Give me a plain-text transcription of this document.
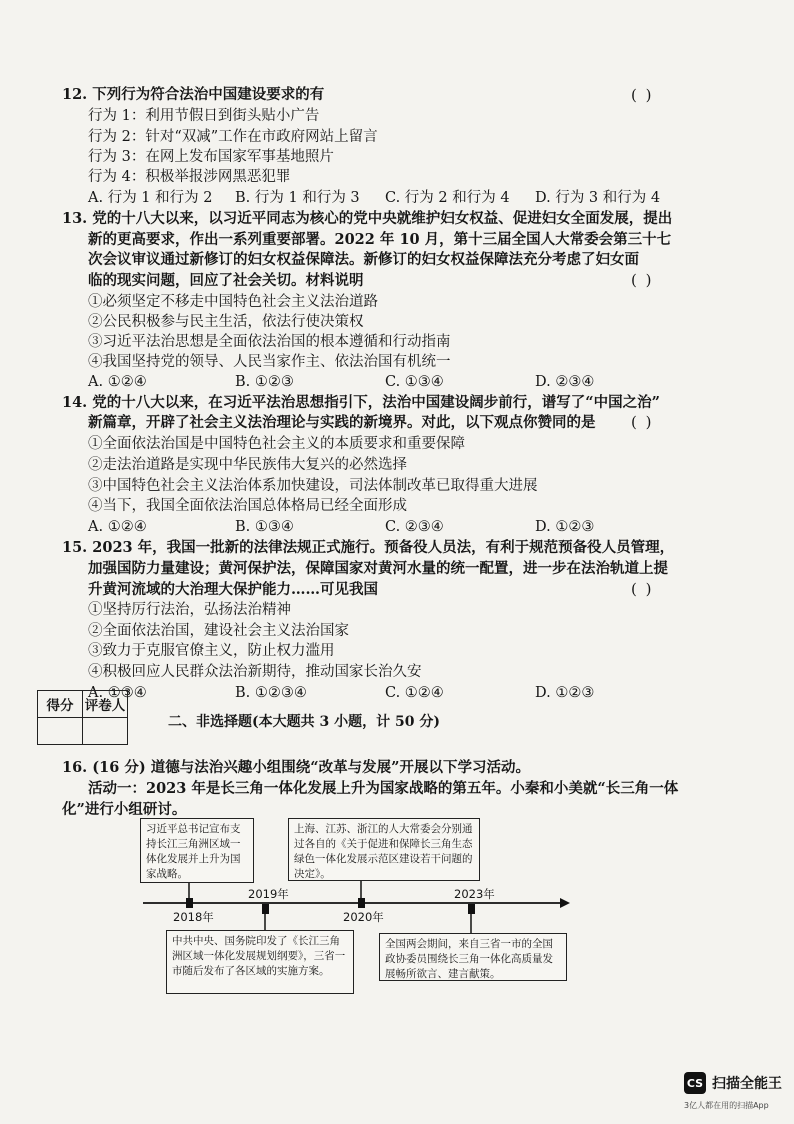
12. 下列行为符合法治中国建设要求的有	( )
行为 1：利用节假日到街头贴小广告
行为 2：针对“双减”工作在市政府网站上留言
行为 3：在网上发布国家军事基地照片
行为 4：积极举报涉网黑恶犯罪
A. 行为 1 和行为 2 B. 行为 1 和行为 3 C. 行为 2 和行为 4 D. 行为 3 和行为 4
13. 党的十八大以来，以习近平同志为核心的党中央就维护妇女权益、促进妇女全面发展，提出
新的更高要求，作出一系列重要部署。2022 年 10 月，第十三届全国人大常委会第三十七
次会议审议通过新修订的妇女权益保障法。新修订的妇女权益保障法充分考虑了妇女面
临的现实问题，回应了社会关切。材料说明	( )
①必须坚定不移走中国特色社会主义法治道路
②公民积极参与民主生活，依法行使决策权
③习近平法治思想是全面依法治国的根本遵循和行动指南
④我国坚持党的领导、人民当家作主、依法治国有机统一
A. ①②④	B. ①②③	C. ①③④	D. ②③④
14. 党的十八大以来，在习近平法治思想指引下，法治中国建设阔步前行，谱写了“中国之治”
新篇章，开辟了社会主义法治理论与实践的新境界。对此，以下观点你赞同的是 ( )
①全面依法治国是中国特色社会主义的本质要求和重要保障
②走法治道路是实现中华民族伟大复兴的必然选择
③中国特色社会主义法治体系加快建设，司法体制改革已取得重大进展
④当下，我国全面依法治国总体格局已经全面形成
A. ①②④	B. ①③④	C. ②③④	D. ①②③
15. 2023 年，我国一批新的法律法规正式施行。预备役人员法，有利于规范预备役人员管理，
加强国防力量建设；黄河保护法，保障国家对黄河水量的统一配置，进一步在法治轨道上提
升黄河流域的大治理大保护能力……可见我国	( )
①坚持厉行法治，弘扬法治精神
②全面依法治国，建设社会主义法治国家
③致力于克服官僚主义，防止权力滥用
④积极回应人民群众法治新期待，推动国家长治久安
A. ①③④	B. ①②③④	C. ①②④	D. ①②③
得分	评卷人

二、非选择题(本大题共 3 小题，计 50 分)
16. (16 分) 道德与法治兴趣小组围绕“改革与发展”开展以下学习活动。
活动一：2023 年是长三角一体化发展上升为国家战略的第五年。小秦和小美就“长三角一体
化”进行小组研讨。
2018年
2019年
2020年
2023年
习近平总书记宣布支持长江三角洲区域一体化发展并上升为国家战略。
上海、江苏、浙江的人大常委会分别通过各自的《关于促进和保障长三角生态绿色一体化发展示范区建设若干问题的决定》。
中共中央、国务院印发了《长江三角洲区域一体化发展规划纲要》，三省一市随后发布了各区域的实施方案。
全国两会期间，来自三省一市的全国政协委员围绕长三角一体化高质量发展畅所欲言、建言献策。
CS 扫描全能王
3亿人都在用的扫描App
